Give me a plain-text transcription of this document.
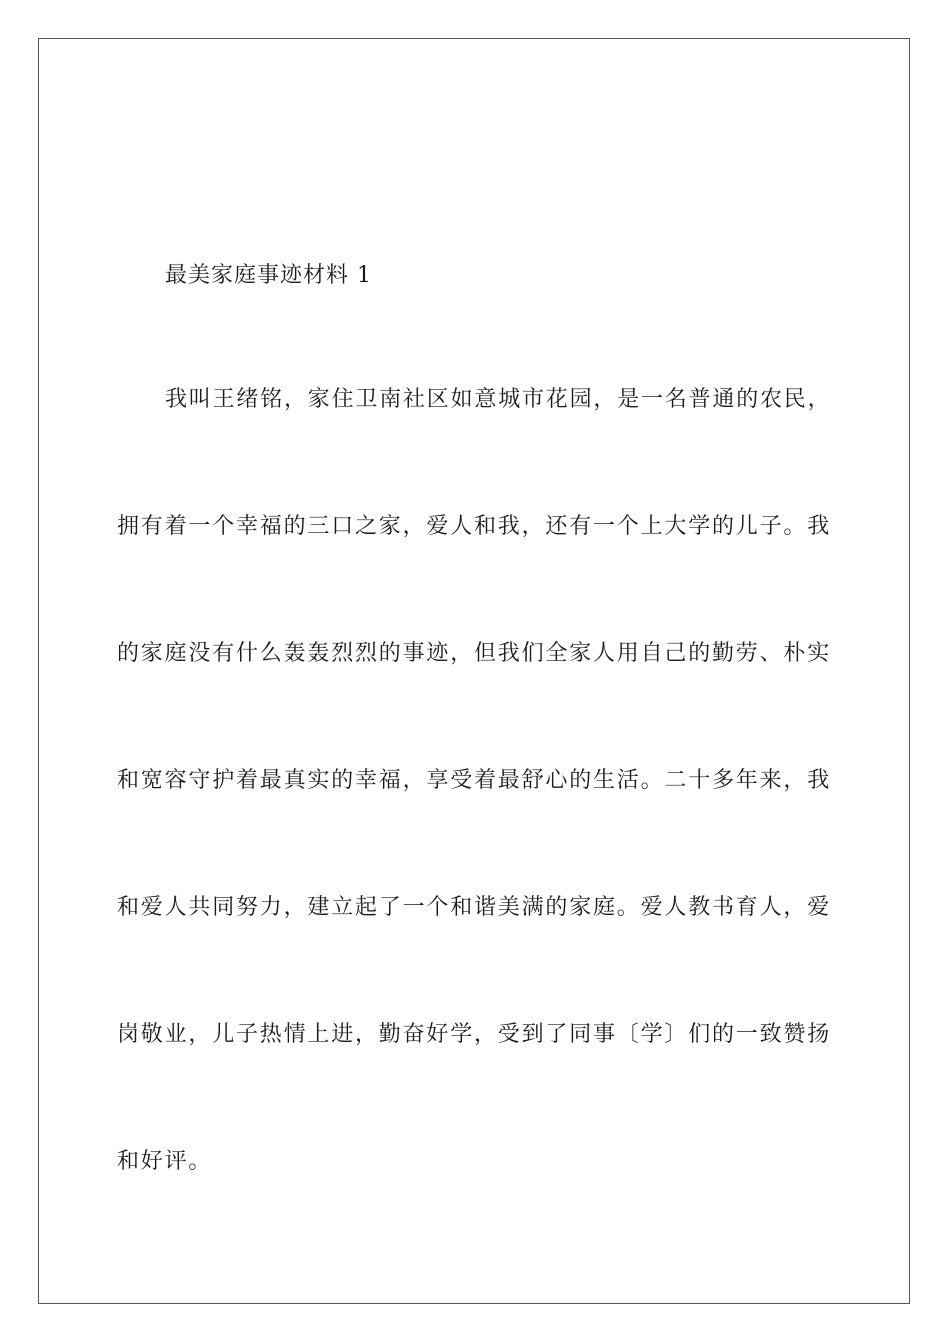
最美家庭事迹材料 1

我叫王绪铭，家住卫南社区如意城市花园，是一名普通的农民，

拥有着一个幸福的三口之家，爱人和我，还有一个上大学的儿子。我

的家庭没有什么轰轰烈烈的事迹，但我们全家人用自己的勤劳、朴实

和宽容守护着最真实的幸福，享受着最舒心的生活。二十多年来，我

和爱人共同努力，建立起了一个和谐美满的家庭。爱人教书育人，爱

岗敬业，儿子热情上进，勤奋好学，受到了同事〔学〕们的一致赞扬

和好评。
